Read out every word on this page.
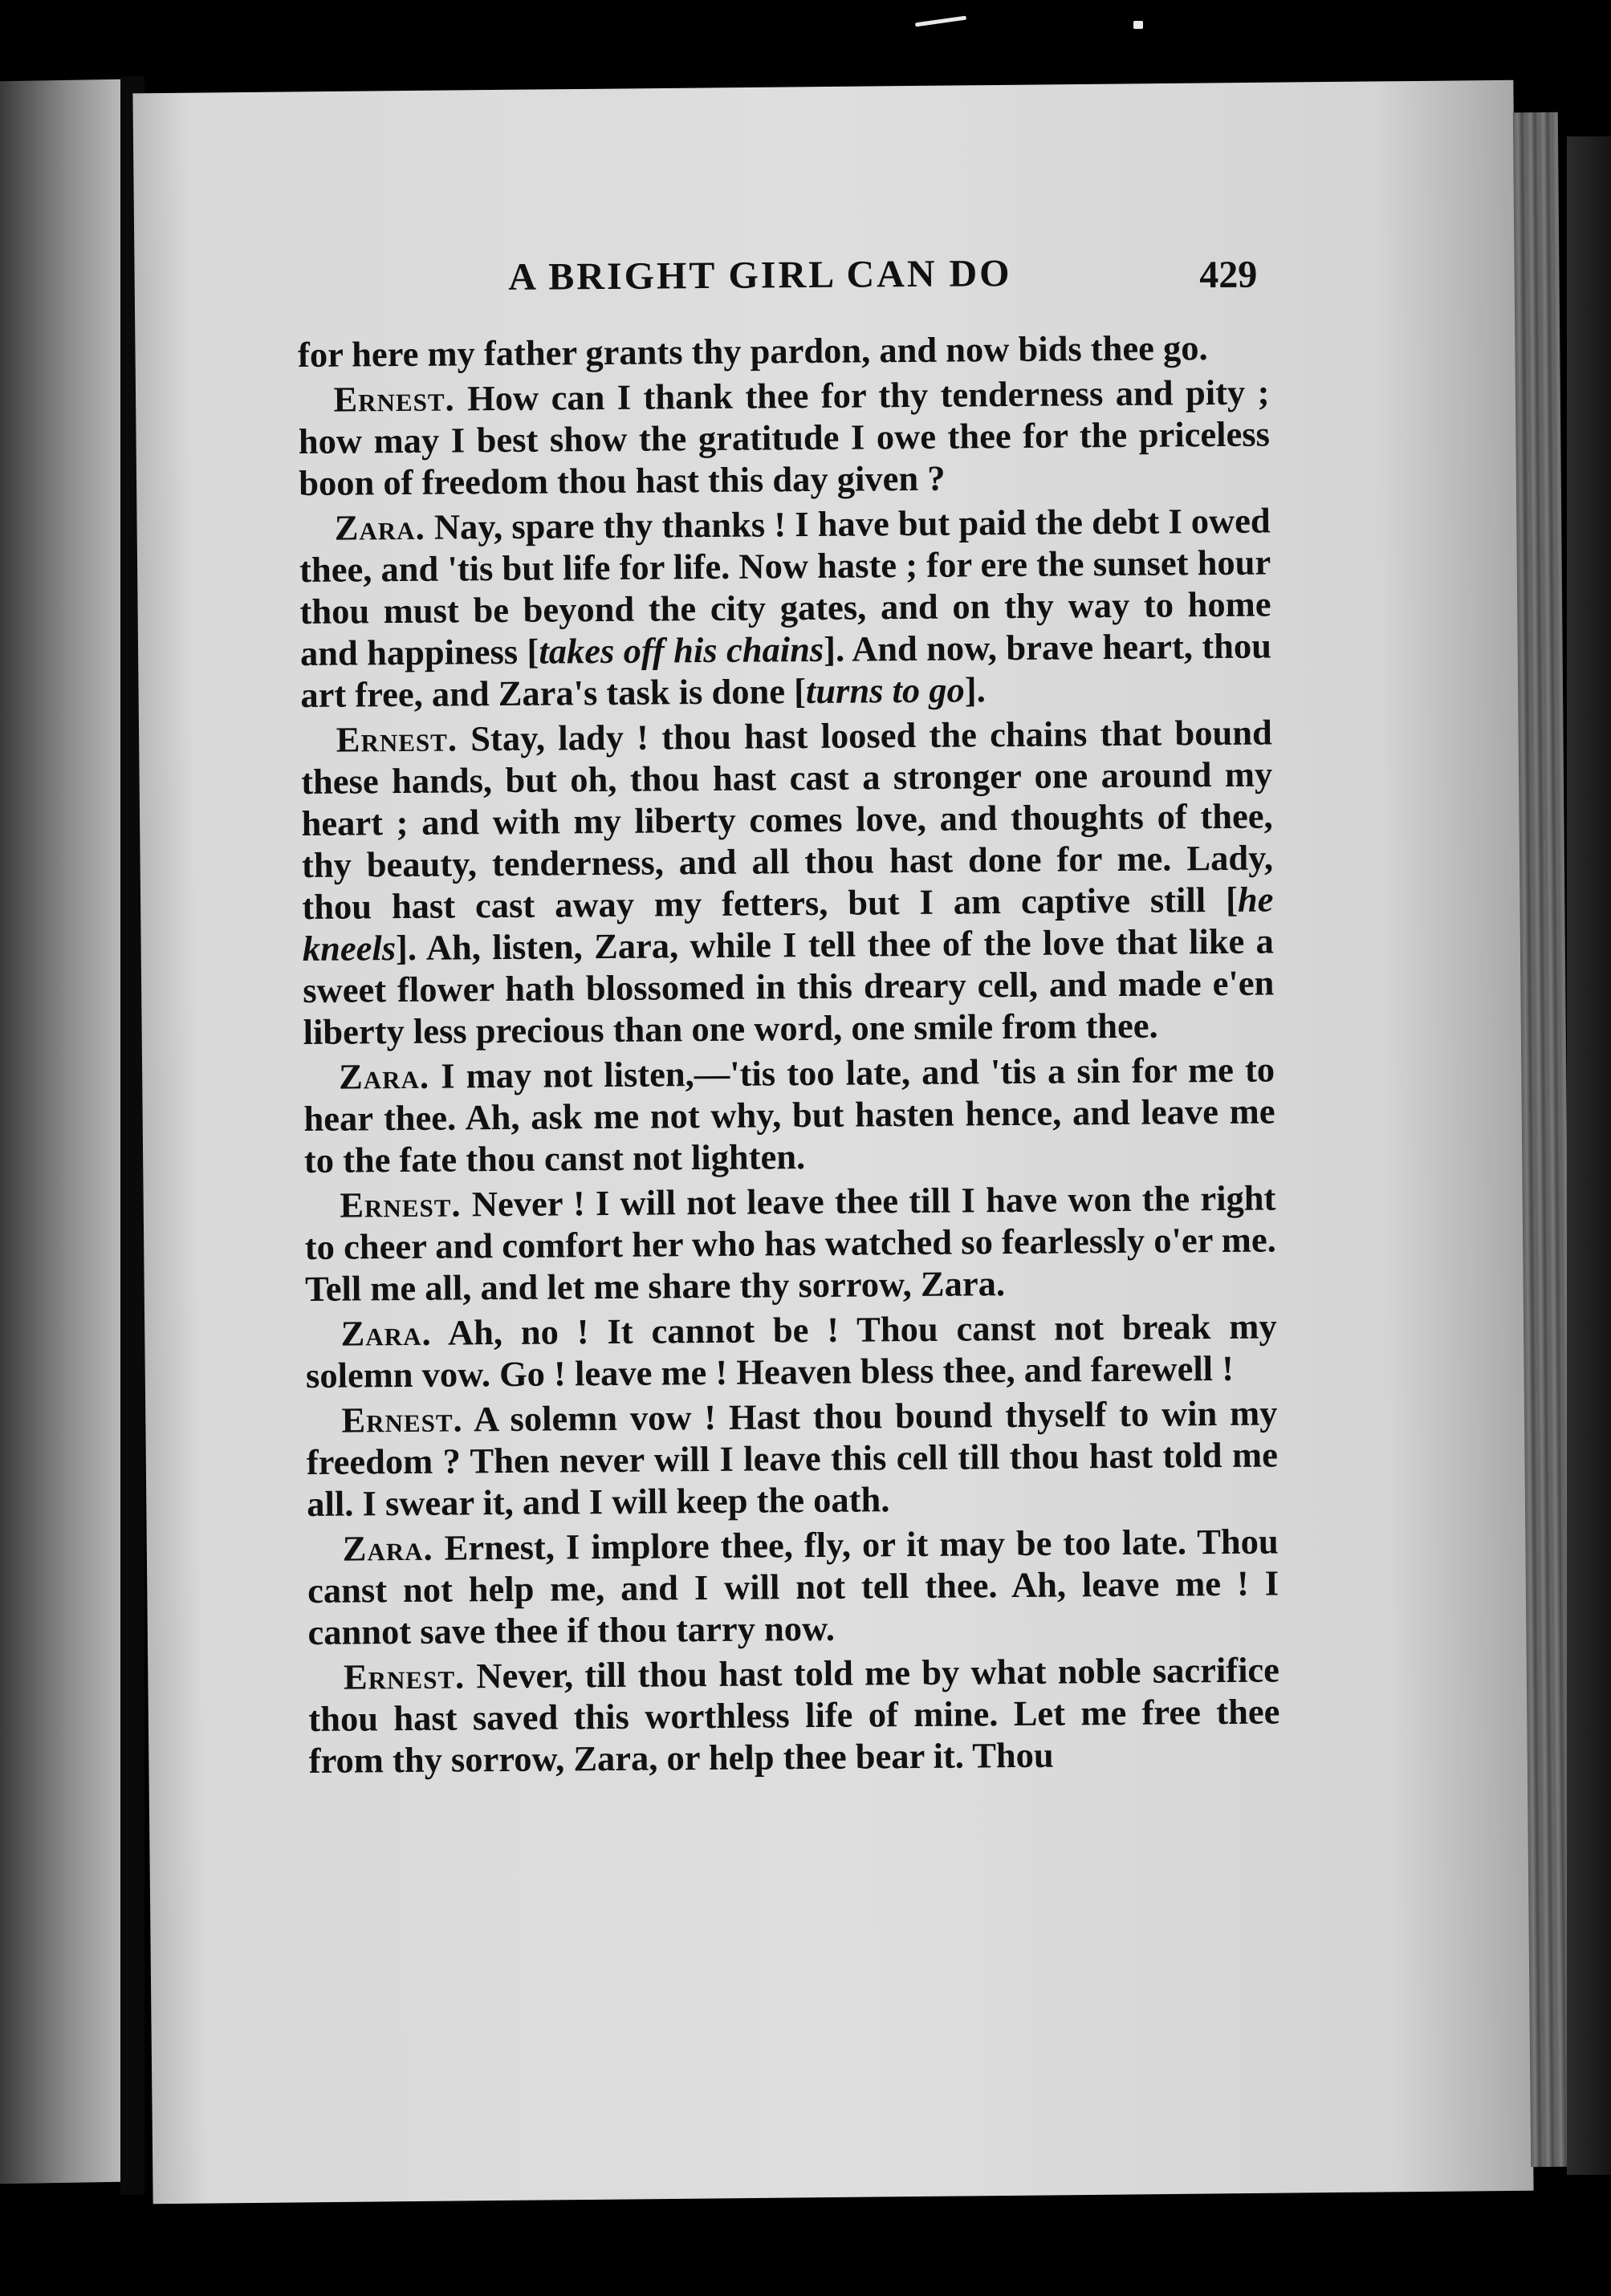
A BRIGHT GIRL CAN DO	429

for here my father grants thy pardon, and now bids thee go.

Ernest. How can I thank thee for thy tenderness and pity ; how may I best show the gratitude I owe thee for the priceless boon of freedom thou hast this day given ?

Zara. Nay, spare thy thanks ! I have but paid the debt I owed thee, and 'tis but life for life. Now haste ; for ere the sunset hour thou must be beyond the city gates, and on thy way to home and happiness [takes off his chains]. And now, brave heart, thou art free, and Zara's task is done [turns to go].

Ernest. Stay, lady ! thou hast loosed the chains that bound these hands, but oh, thou hast cast a stronger one around my heart ; and with my liberty comes love, and thoughts of thee, thy beauty, tenderness, and all thou hast done for me. Lady, thou hast cast away my fetters, but I am captive still [he kneels]. Ah, listen, Zara, while I tell thee of the love that like a sweet flower hath blossomed in this dreary cell, and made e'en liberty less precious than one word, one smile from thee.

Zara. I may not listen,—'tis too late, and 'tis a sin for me to hear thee. Ah, ask me not why, but hasten hence, and leave me to the fate thou canst not lighten.

Ernest. Never ! I will not leave thee till I have won the right to cheer and comfort her who has watched so fearlessly o'er me. Tell me all, and let me share thy sorrow, Zara.

Zara. Ah, no ! It cannot be ! Thou canst not break my solemn vow. Go ! leave me ! Heaven bless thee, and farewell !

Ernest. A solemn vow ! Hast thou bound thyself to win my freedom ? Then never will I leave this cell till thou hast told me all. I swear it, and I will keep the oath.

Zara. Ernest, I implore thee, fly, or it may be too late. Thou canst not help me, and I will not tell thee. Ah, leave me ! I cannot save thee if thou tarry now.

Ernest. Never, till thou hast told me by what noble sacrifice thou hast saved this worthless life of mine. Let me free thee from thy sorrow, Zara, or help thee bear it. Thou
